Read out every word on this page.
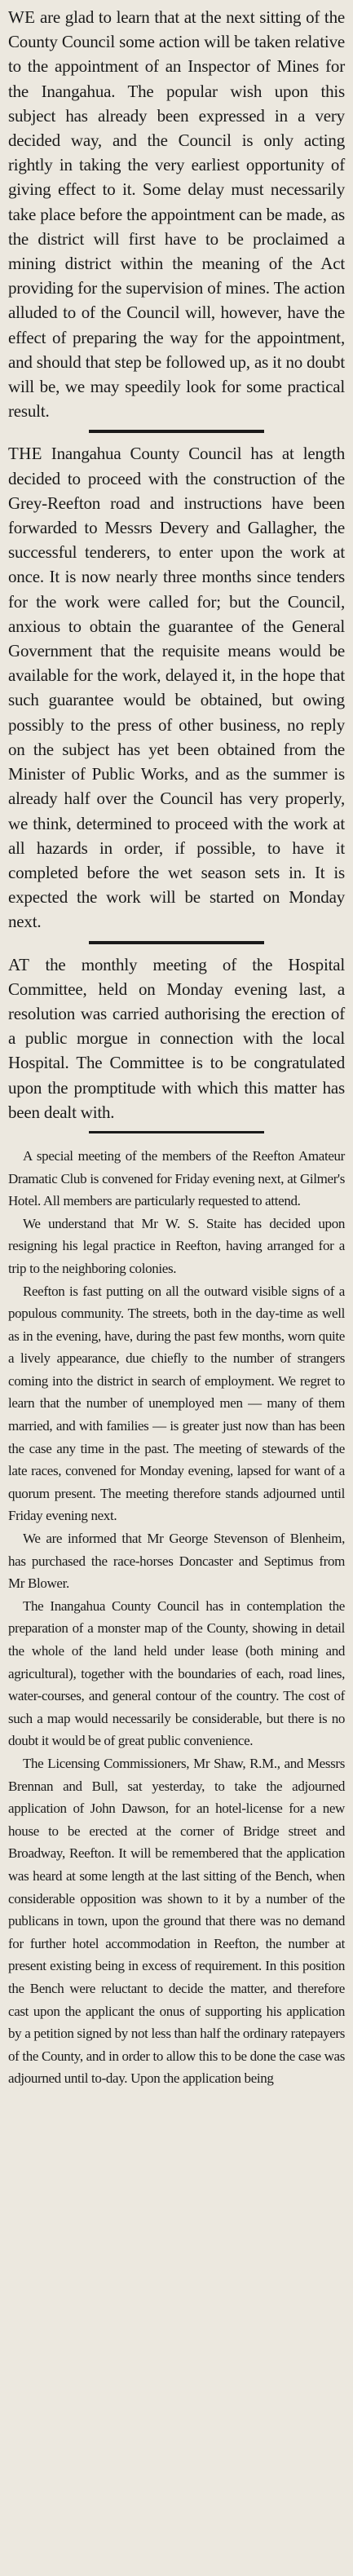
WE are glad to learn that at the next sitting of the County Council some action will be taken relative to the appointment of an Inspector of Mines for the Inangahua. The popular wish upon this subject has already been expressed in a very decided way, and the Council is only acting rightly in taking the very earliest opportunity of giving effect to it. Some delay must necessarily take place before the appointment can be made, as the district will first have to be proclaimed a mining district within the meaning of the Act providing for the supervision of mines. The action alluded to of the Council will, however, have the effect of preparing the way for the appointment, and should that step be followed up, as it no doubt will be, we may speedily look for some practical result.

THE Inangahua County Council has at length decided to proceed with the construction of the Grey-Reefton road and instructions have been forwarded to Messrs Devery and Gallagher, the successful tenderers, to enter upon the work at once. It is now nearly three months since tenders for the work were called for; but the Council, anxious to obtain the guarantee of the General Government that the requisite means would be available for the work, delayed it, in the hope that such guarantee would be obtained, but owing possibly to the press of other business, no reply on the subject has yet been obtained from the Minister of Public Works, and as the summer is already half over the Council has very properly, we think, determined to proceed with the work at all hazards in order, if possible, to have it completed before the wet season sets in. It is expected the work will be started on Monday next.

AT the monthly meeting of the Hospital Committee, held on Monday evening last, a resolution was carried authorising the erection of a public morgue in connection with the local Hospital. The Committee is to be congratulated upon the promptitude with which this matter has been dealt with.

A special meeting of the members of the Reefton Amateur Dramatic Club is convened for Friday evening next, at Gilmer's Hotel. All members are particularly requested to attend.

We understand that Mr W. S. Staite has decided upon resigning his legal practice in Reefton, having arranged for a trip to the neighboring colonies.

Reefton is fast putting on all the outward visible signs of a populous community. The streets, both in the day-time as well as in the evening, have, during the past few months, worn quite a lively appearance, due chiefly to the number of strangers coming into the district in search of employment. We regret to learn that the number of unemployed men — many of them married, and with families — is greater just now than has been the case any time in the past. The meeting of stewards of the late races, convened for Monday evening, lapsed for want of a quorum present. The meeting therefore stands adjourned until Friday evening next.

We are informed that Mr George Stevenson of Blenheim, has purchased the race-horses Doncaster and Septimus from Mr Blower.

The Inangahua County Council has in contemplation the preparation of a monster map of the County, showing in detail the whole of the land held under lease (both mining and agricultural), together with the boundaries of each, road lines, water-courses, and general contour of the country. The cost of such a map would necessarily be considerable, but there is no doubt it would be of great public convenience.

The Licensing Commissioners, Mr Shaw, R.M., and Messrs Brennan and Bull, sat yesterday, to take the adjourned application of John Dawson, for an hotel-license for a new house to be erected at the corner of Bridge street and Broadway, Reefton. It will be remembered that the application was heard at some length at the last sitting of the Bench, when considerable opposition was shown to it by a number of the publicans in town, upon the ground that there was no demand for further hotel accommodation in Reefton, the number at present existing being in excess of requirement. In this position the Bench were reluctant to decide the matter, and therefore cast upon the applicant the onus of supporting his application by a petition signed by not less than half the ordinary ratepayers of the County, and in order to allow this to be done the case was adjourned until to-day. Upon the application being
